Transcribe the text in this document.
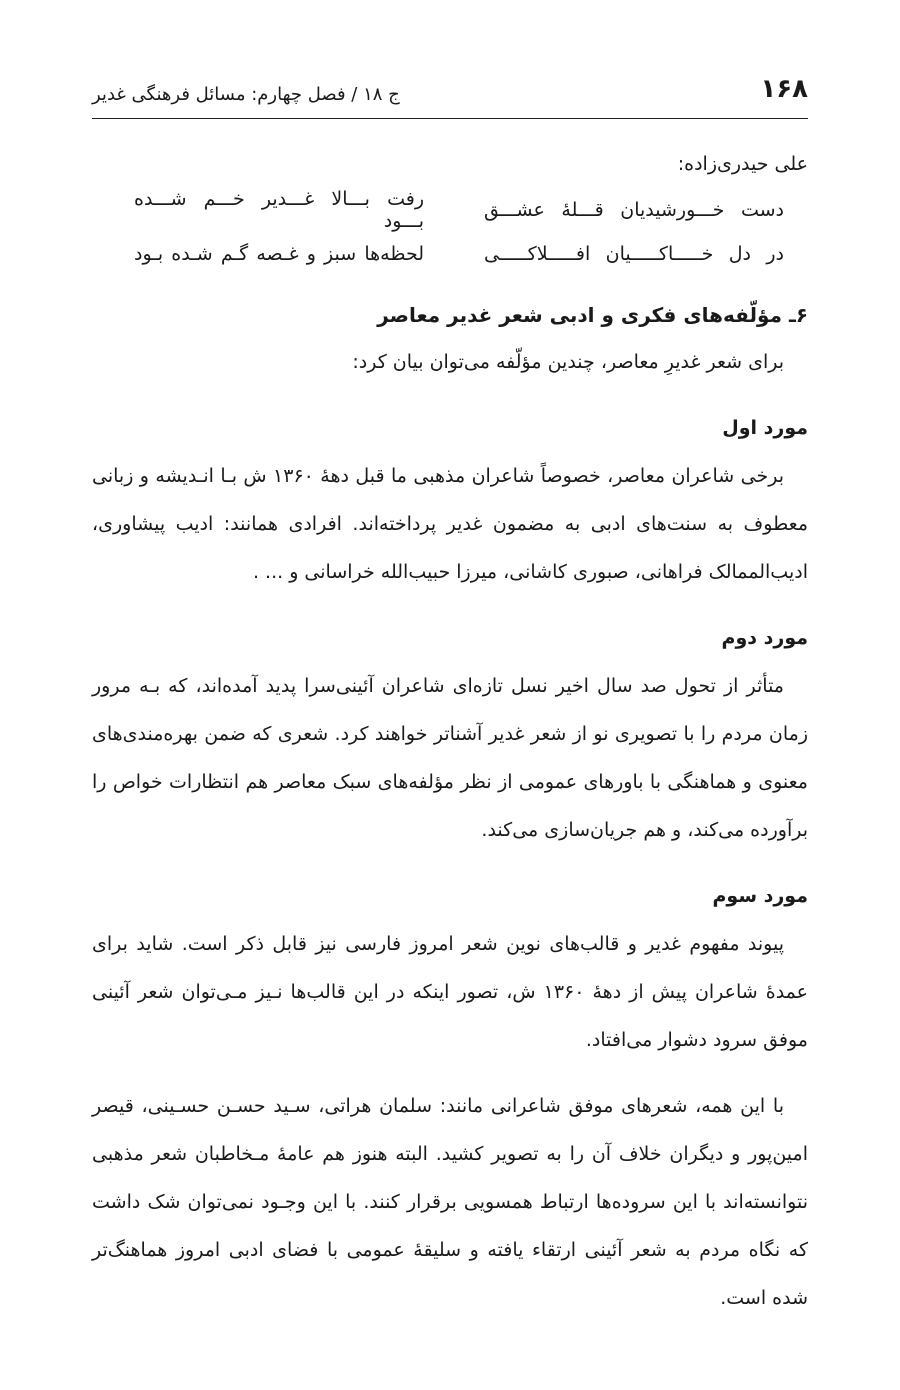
۱۶۸
ج ۱۸ / فصل چهارم: مسائل فرهنگی غدیر

علی حیدری‌زاده:

دست خـــورشیدیان قـــلهٔ عشـــق
رفت بـــالا غـــدیر خـــم شـــده بـــود
در دل خـــــاکـــــیان افـــــلاکـــــی
لحظه‌ها سبز و غـصه گـم شـده بـود
۶ـ مؤلّفه‌های فکری و ادبی شعر غدیر معاصر

برای شعر غدیرِ معاصر، چندین مؤلّفه می‌توان بیان کرد:

مورد اول

برخی شاعران معاصر، خصوصاً شاعران مذهبی ما قبل دههٔ ۱۳۶۰ ش بـا انـدیشه و زبانی معطوف به سنت‌های ادبی به مضمون غدیر پرداخته‌اند. افرادی همانند: ادیب پیشاوری، ادیب‌الممالک فراهانی، صبوری کاشانی، میرزا حبیب‌الله خراسانی و ... .

مورد دوم

متأثر از تحول صد سال اخیر نسل تازه‌ای شاعران آئینی‌سرا پدید آمده‌اند، که بـه مرور زمان مردم را با تصویری نو از شعر غدیر آشناتر خواهند کرد. شعری که ضمن بهره‌مندی‌های معنوی و هماهنگی با باورهای عمومی از نظر مؤلفه‌های سبک معاصر هم انتظارات خواص را برآورده می‌کند، و هم جریان‌سازی می‌کند.

مورد سوم

پیوند مفهوم غدیر و قالب‌های نوین شعر امروز فارسی نیز قابل ذکر است. شاید برای عمدهٔ شاعران پیش از دههٔ ۱۳۶۰ ش، تصور اینکه در این قالب‌ها نـیز مـی‌توان شعر آئینی موفق سرود دشوار می‌افتاد.

با این همه، شعرهای موفق شاعرانی مانند: سلمان هراتی، سـید حسـن حسـینی، قیصر امین‌پور و دیگران خلاف آن را به تصویر کشید. البته هنوز هم عامهٔ مـخاطبان شعر مذهبی نتوانسته‌اند با این سروده‌ها ارتباط همسویی برقرار کنند. با این وجـود نمی‌توان شک داشت که نگاه مردم به شعر آئینی ارتقاء یافته و سلیقهٔ عمومی با فضای ادبی امروز هماهنگ‌تر شده است.
